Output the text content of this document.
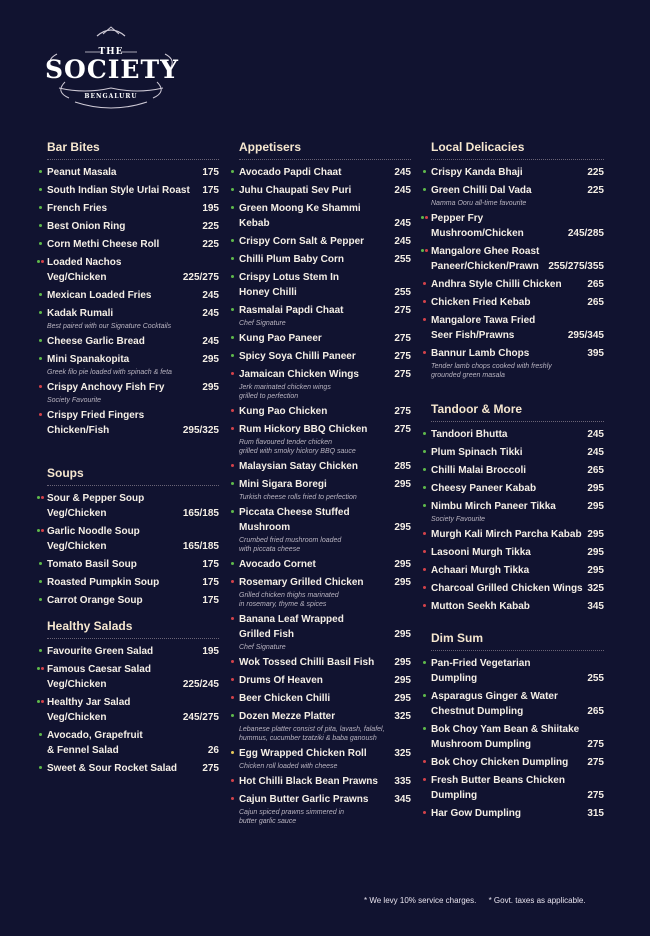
THE
SOCIETY
BENGALURU
Bar Bites
Peanut Masala	175
South Indian Style Urlai Roast	175
French Fries	195
Best Onion Ring	225
Corn Methi Cheese Roll	225
Loaded Nachos
Veg/Chicken	225/275
Mexican Loaded Fries	245
Kadak Rumali	245
Best paired with our Signature Cocktails
Cheese Garlic Bread	245
Mini Spanakopita	295
Greek filo pie loaded with spinach & feta
Crispy Anchovy Fish Fry	295
Society Favourite
Crispy Fried Fingers
Chicken/Fish	295/325
Soups
Sour & Pepper Soup
Veg/Chicken	165/185
Garlic Noodle Soup
Veg/Chicken	165/185
Tomato Basil Soup	175
Roasted Pumpkin Soup	175
Carrot Orange Soup	175
Healthy Salads
Favourite Green Salad	195
Famous Caesar Salad
Veg/Chicken	225/245
Healthy Jar Salad
Veg/Chicken	245/275
Avocado, Grapefruit
& Fennel Salad	26
Sweet & Sour Rocket Salad	275
Appetisers
Avocado Papdi Chaat	245
Juhu Chaupati Sev Puri	245
Green Moong Ke Shammi Kebab	245
Crispy Corn Salt & Pepper	245
Chilli Plum Baby Corn	255
Crispy Lotus Stem In
Honey Chilli	255
Rasmalai Papdi Chaat	275
Chef Signature
Kung Pao Paneer	275
Spicy Soya Chilli Paneer	275
Jamaican Chicken Wings	275
Jerk marinated chicken wings
grilled to perfection
Kung Pao Chicken	275
Rum Hickory BBQ Chicken	275
Rum flavoured tender chicken
grilled with smoky hickory BBQ sauce
Malaysian Satay Chicken	285
Mini Sigara Boregi	295
Turkish cheese rolls fried to perfection
Piccata Cheese Stuffed
Mushroom	295
Crumbed fried mushroom loaded
with piccata cheese
Avocado Cornet	295
Rosemary Grilled Chicken	295
Grilled chicken thighs marinated
in rosemary, thyme & spices
Banana Leaf Wrapped
Grilled Fish	295
Chef Signature
Wok Tossed Chilli Basil Fish	295
Drums Of Heaven	295
Beer Chicken Chilli	295
Dozen Mezze Platter	325
Lebanese platter consist of pita, lavash, falafel,
hummus, cucumber tzatziki & baba ganoush
Egg Wrapped Chicken Roll	325
Chicken roll loaded with cheese
Hot Chilli Black Bean Prawns	335
Cajun Butter Garlic Prawns	345
Cajun spiced prawns simmered in
butter garlic sauce
Local Delicacies
Crispy Kanda Bhaji	225
Green Chilli Dal Vada	225
Namma Ooru all-time favourite
Pepper Fry
Mushroom/Chicken	245/285
Mangalore Ghee Roast
Paneer/Chicken/Prawn 255/275/355
Andhra Style Chilli Chicken	265
Chicken Fried Kebab	265
Mangalore Tawa Fried
Seer Fish/Prawns	295/345
Bannur Lamb Chops	395
Tender lamb chops cooked with freshly
grounded green masala
Tandoor & More
Tandoori Bhutta	245
Plum Spinach Tikki	245
Chilli Malai Broccoli	265
Cheesy Paneer Kabab	295
Nimbu Mirch Paneer Tikka	295
Society Favourite
Murgh Kali Mirch Parcha Kabab 295
Lasooni Murgh Tikka	295
Achaari Murgh Tikka	295
Charcoal Grilled Chicken Wings 325
Mutton Seekh Kabab	345
Dim Sum
Pan-Fried Vegetarian
Dumpling	255
Asparagus Ginger & Water
Chestnut Dumpling	265
Bok Choy Yam Bean & Shiitake
Mushroom Dumpling	275
Bok Choy Chicken Dumpling	275
Fresh Butter Beans Chicken
Dumpling	275
Har Gow Dumpling	315
* We levy 10% service charges. * Govt. taxes as applicable.
